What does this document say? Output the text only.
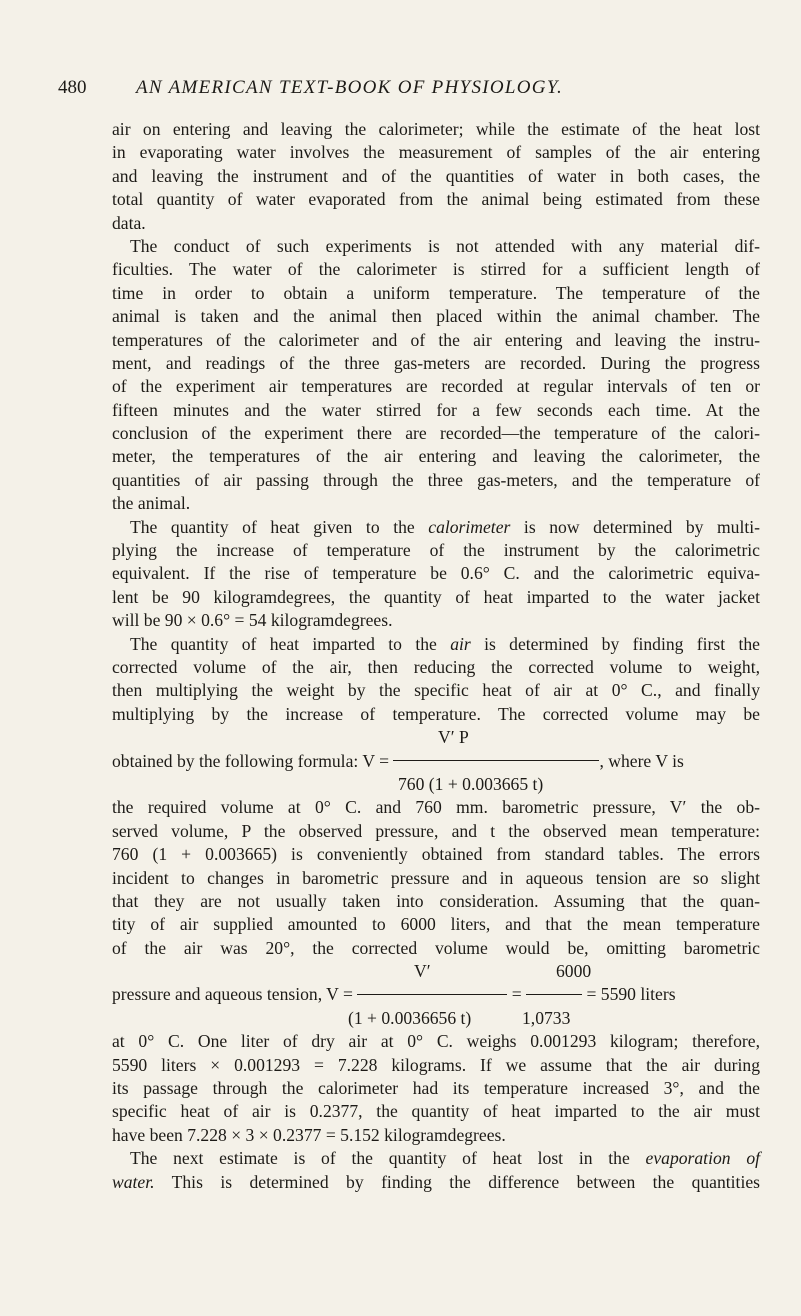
480	AN AMERICAN TEXT-BOOK OF PHYSIOLOGY.
air on entering and leaving the calorimeter; while the estimate of the heat lost
in evaporating water involves the measurement of samples of the air entering
and leaving the instrument and of the quantities of water in both cases, the
total quantity of water evaporated from the animal being estimated from these
data.
The conduct of such experiments is not attended with any material dif-
ficulties. The water of the calorimeter is stirred for a sufficient length of
time in order to obtain a uniform temperature. The temperature of the
animal is taken and the animal then placed within the animal chamber. The
temperatures of the calorimeter and of the air entering and leaving the instru-
ment, and readings of the three gas-meters are recorded. During the progress
of the experiment air temperatures are recorded at regular intervals of ten or
fifteen minutes and the water stirred for a few seconds each time. At the
conclusion of the experiment there are recorded—the temperature of the calori-
meter, the temperatures of the air entering and leaving the calorimeter, the
quantities of air passing through the three gas-meters, and the temperature of
the animal.
The quantity of heat given to the calorimeter is now determined by multi-
plying the increase of temperature of the instrument by the calorimetric
equivalent. If the rise of temperature be 0.6° C. and the calorimetric equiva-
lent be 90 kilogramdegrees, the quantity of heat imparted to the water jacket
will be 90 × 0.6° = 54 kilogramdegrees.
The quantity of heat imparted to the air is determined by finding first the
corrected volume of the air, then reducing the corrected volume to weight,
then multiplying the weight by the specific heat of air at 0° C., and finally
multiplying by the increase of temperature. The corrected volume may be
V′ P
obtained by the following formula: V =	, where V is
760 (1 + 0.003665 t)
the required volume at 0° C. and 760 mm. barometric pressure, V′ the ob-
served volume, P the observed pressure, and t the observed mean temperature:
760 (1 + 0.003665) is conveniently obtained from standard tables. The errors
incident to changes in barometric pressure and in aqueous tension are so slight
that they are not usually taken into consideration. Assuming that the quan-
tity of air supplied amounted to 6000 liters, and that the mean temperature
of the air was 20°, the corrected volume would be, omitting barometric
V′	6000
pressure and aqueous tension, V =	=	= 5590 liters
(1 + 0.0036656 t)	1,0733
at 0° C. One liter of dry air at 0° C. weighs 0.001293 kilogram; therefore,
5590 liters × 0.001293 = 7.228 kilograms. If we assume that the air during
its passage through the calorimeter had its temperature increased 3°, and the
specific heat of air is 0.2377, the quantity of heat imparted to the air must
have been 7.228 × 3 × 0.2377 = 5.152 kilogramdegrees.
The next estimate is of the quantity of heat lost in the evaporation of
water. This is determined by finding the difference between the quantities
